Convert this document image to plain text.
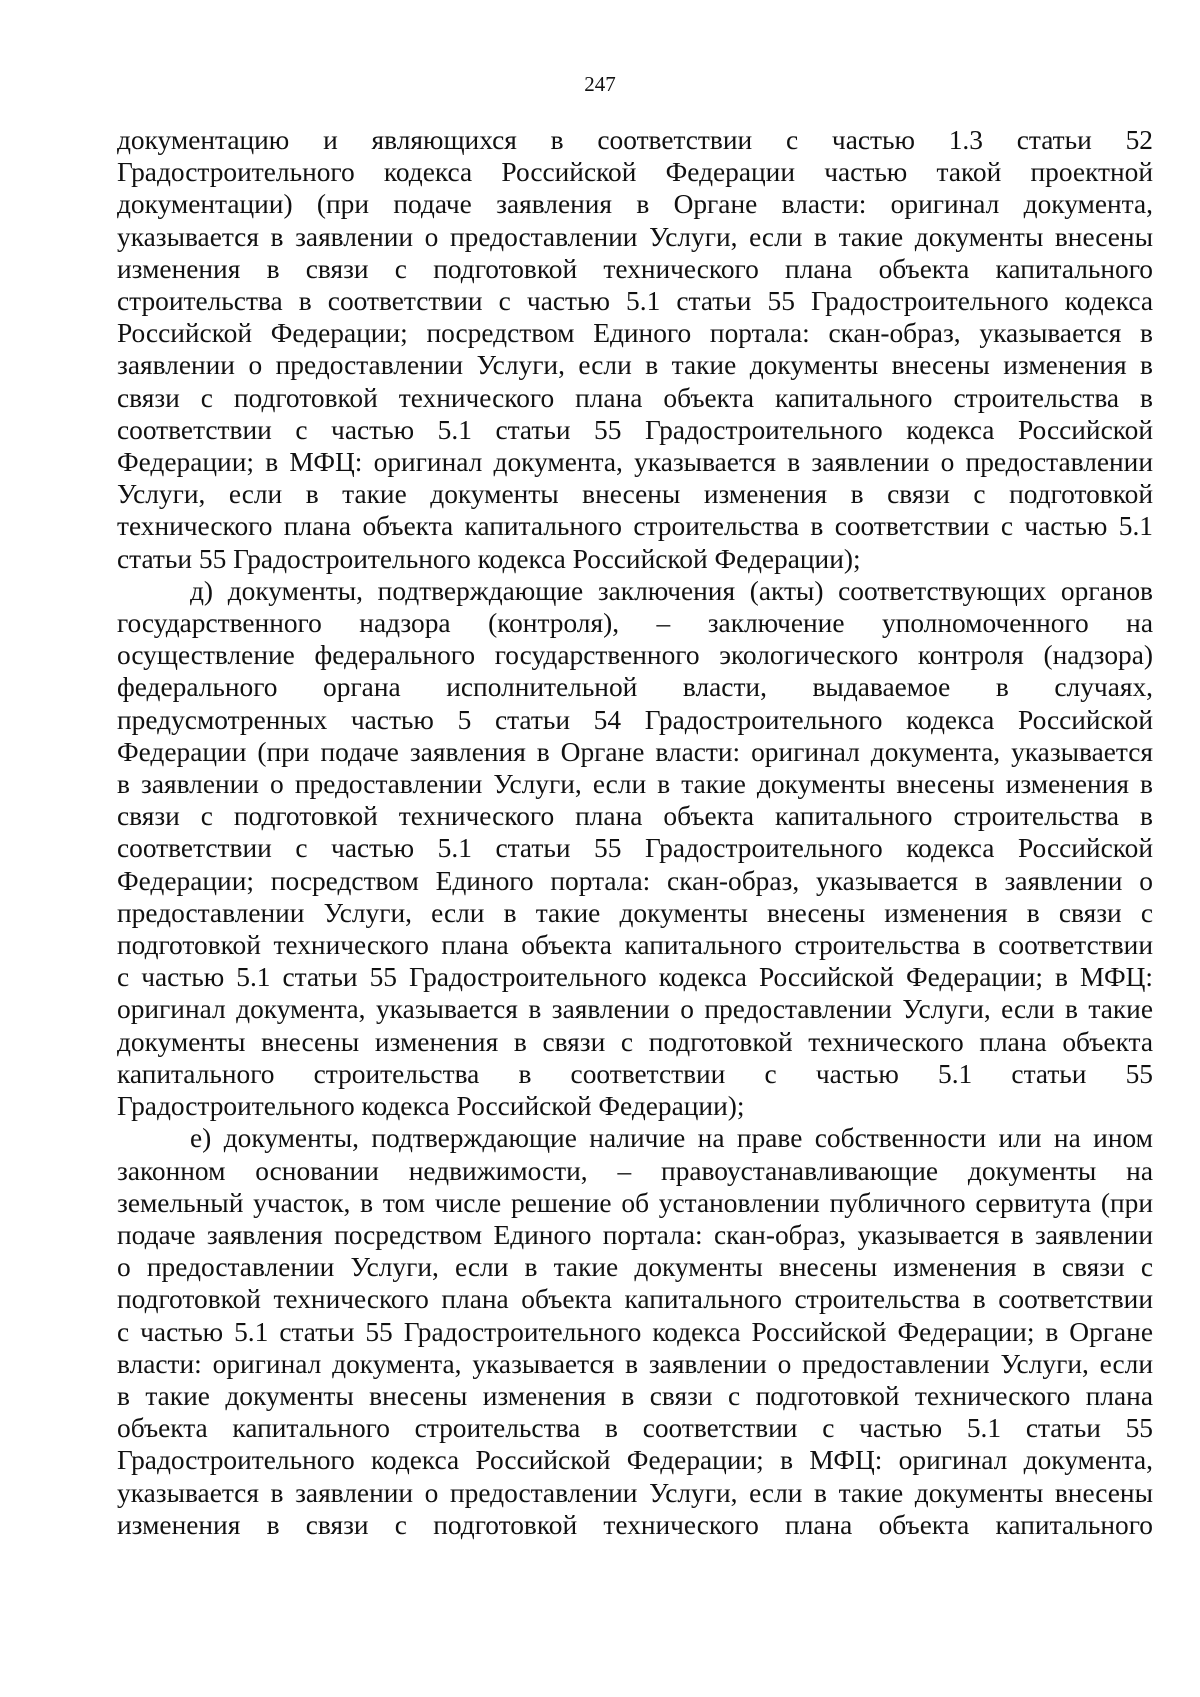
247

документацию и являющихся в соответствии с частью 1.3 статьи 52
Градостроительного кодекса Российской Федерации частью такой проектной
документации) (при подаче заявления в Органе власти: оригинал документа,
указывается в заявлении о предоставлении Услуги, если в такие документы внесены
изменения в связи с подготовкой технического плана объекта капитального
строительства в соответствии с частью 5.1 статьи 55 Градостроительного кодекса
Российской Федерации; посредством Единого портала: скан-образ, указывается в
заявлении о предоставлении Услуги, если в такие документы внесены изменения в
связи с подготовкой технического плана объекта капитального строительства в
соответствии с частью 5.1 статьи 55 Градостроительного кодекса Российской
Федерации; в МФЦ: оригинал документа, указывается в заявлении о предоставлении
Услуги, если в такие документы внесены изменения в связи с подготовкой
технического плана объекта капитального строительства в соответствии с частью 5.1
статьи 55 Градостроительного кодекса Российской Федерации);

д) документы, подтверждающие заключения (акты) соответствующих органов
государственного надзора (контроля), – заключение уполномоченного на
осуществление федерального государственного экологического контроля (надзора)
федерального органа исполнительной власти, выдаваемое в случаях,
предусмотренных частью 5 статьи 54 Градостроительного кодекса Российской
Федерации (при подаче заявления в Органе власти: оригинал документа, указывается
в заявлении о предоставлении Услуги, если в такие документы внесены изменения в
связи с подготовкой технического плана объекта капитального строительства в
соответствии с частью 5.1 статьи 55 Градостроительного кодекса Российской
Федерации; посредством Единого портала: скан-образ, указывается в заявлении о
предоставлении Услуги, если в такие документы внесены изменения в связи с
подготовкой технического плана объекта капитального строительства в соответствии
с частью 5.1 статьи 55 Градостроительного кодекса Российской Федерации; в МФЦ:
оригинал документа, указывается в заявлении о предоставлении Услуги, если в такие
документы внесены изменения в связи с подготовкой технического плана объекта
капитального строительства в соответствии с частью 5.1 статьи 55
Градостроительного кодекса Российской Федерации);

е) документы, подтверждающие наличие на праве собственности или на ином
законном основании недвижимости, – правоустанавливающие документы на
земельный участок, в том числе решение об установлении публичного сервитута (при
подаче заявления посредством Единого портала: скан-образ, указывается в заявлении
о предоставлении Услуги, если в такие документы внесены изменения в связи с
подготовкой технического плана объекта капитального строительства в соответствии
с частью 5.1 статьи 55 Градостроительного кодекса Российской Федерации; в Органе
власти: оригинал документа, указывается в заявлении о предоставлении Услуги, если
в такие документы внесены изменения в связи с подготовкой технического плана
объекта капитального строительства в соответствии с частью 5.1 статьи 55
Градостроительного кодекса Российской Федерации; в МФЦ: оригинал документа,
указывается в заявлении о предоставлении Услуги, если в такие документы внесены
изменения в связи с подготовкой технического плана объекта капитального
